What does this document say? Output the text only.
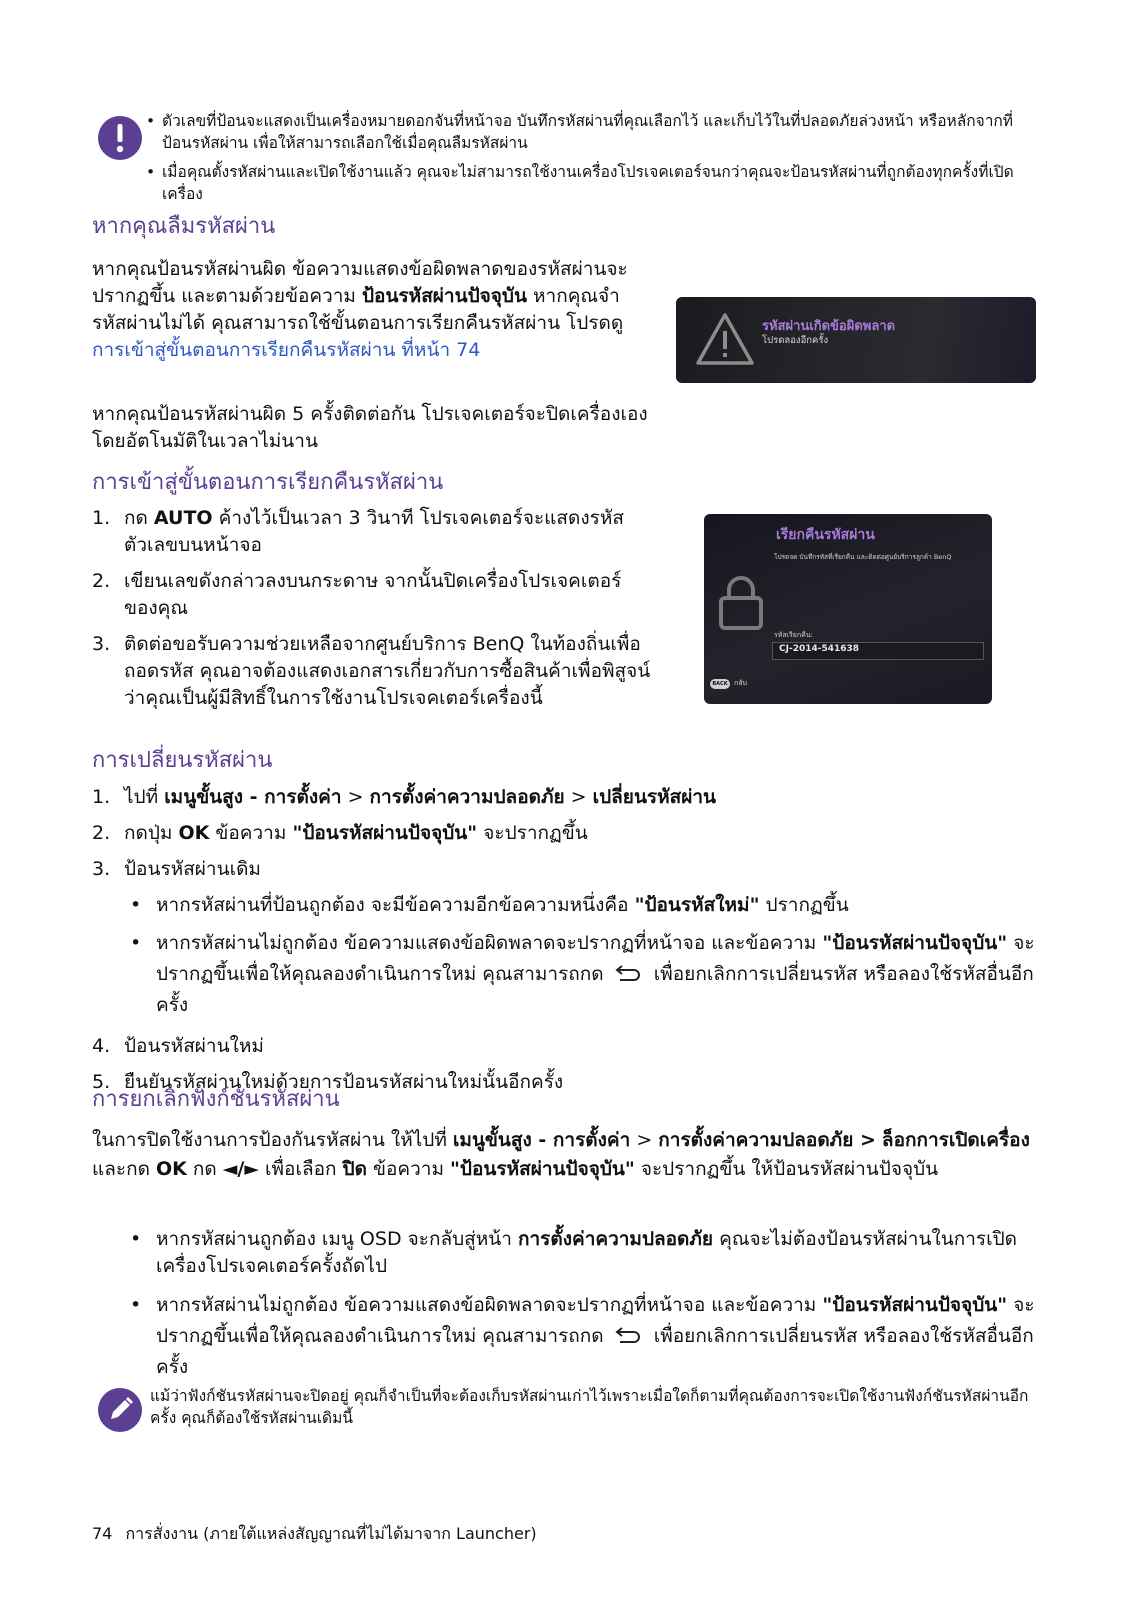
• ตัวเลขที่ป้อนจะแสดงเป็นเครื่องหมายดอกจันที่หน้าจอ บันทึกรหัสผ่านที่คุณเลือกไว้ และเก็บไว้ในที่ปลอดภัยล่วงหน้า หรือหลักจากที่ป้อนรหัสผ่าน เพื่อให้สามารถเลือกใช้เมื่อคุณลืมรหัสผ่าน
• เมื่อคุณตั้งรหัสผ่านและเปิดใช้งานแล้ว คุณจะไม่สามารถใช้งานเครื่องโปรเจคเตอร์จนกว่าคุณจะป้อนรหัสผ่านที่ถูกต้องทุกครั้งที่เปิดเครื่อง
หากคุณลืมรหัสผ่าน
หากคุณป้อนรหัสผ่านผิด ข้อความแสดงข้อผิดพลาดของรหัสผ่านจะปรากฏขึ้น และตามด้วยข้อความ ป้อนรหัสผ่านปัจจุบัน หากคุณจำรหัสผ่านไม่ได้ คุณสามารถใช้ขั้นตอนการเรียกคืนรหัสผ่าน โปรดดู การเข้าสู่ขั้นตอนการเรียกคืนรหัสผ่าน ที่หน้า 74
หากคุณป้อนรหัสผ่านผิด 5 ครั้งติดต่อกัน โปรเจคเตอร์จะปิดเครื่องเองโดยอัตโนมัติในเวลาไม่นาน
รหัสผ่านเกิดข้อผิดพลาด
โปรดลองอีกครั้ง
การเข้าสู่ขั้นตอนการเรียกคืนรหัสผ่าน
1. กด AUTO ค้างไว้เป็นเวลา 3 วินาที โปรเจคเตอร์จะแสดงรหัสตัวเลขบนหน้าจอ
2. เขียนเลขดังกล่าวลงบนกระดาษ จากนั้นปิดเครื่องโปรเจคเตอร์ของคุณ
3. ติดต่อขอรับความช่วยเหลือจากศูนย์บริการ BenQ ในท้องถิ่นเพื่อถอดรหัส คุณอาจต้องแสดงเอกสารเกี่ยวกับการซื้อสินค้าเพื่อพิสูจน์ว่าคุณเป็นผู้มีสิทธิ์ในการใช้งานโปรเจคเตอร์เครื่องนี้
เรียกคืนรหัสผ่าน
โปรดจด บันทึกรหัสที่เรียกคืน และติดต่อศูนย์บริการลูกค้า BenQ
รหัสเรียกคืน:
CJ-2014-541638
BACK กลับ
การเปลี่ยนรหัสผ่าน
1. ไปที่ เมนูขั้นสูง - การตั้งค่า > การตั้งค่าความปลอดภัย > เปลี่ยนรหัสผ่าน
2. กดปุ่ม OK ข้อความ "ป้อนรหัสผ่านปัจจุบัน" จะปรากฏขึ้น
3. ป้อนรหัสผ่านเดิม
• หากรหัสผ่านที่ป้อนถูกต้อง จะมีข้อความอีกข้อความหนึ่งคือ "ป้อนรหัสใหม่" ปรากฏขึ้น
• หากรหัสผ่านไม่ถูกต้อง ข้อความแสดงข้อผิดพลาดจะปรากฏที่หน้าจอ และข้อความ "ป้อนรหัสผ่านปัจจุบัน" จะปรากฏขึ้นเพื่อให้คุณลองดำเนินการใหม่ คุณสามารถกด	เพื่อยกเลิกการเปลี่ยนรหัส หรือลองใช้รหัสอื่นอีกครั้ง
4. ป้อนรหัสผ่านใหม่
5. ยืนยันรหัสผ่านใหม่ด้วยการป้อนรหัสผ่านใหม่นั้นอีกครั้ง
การยกเลิกฟังก์ชันรหัสผ่าน
ในการปิดใช้งานการป้องกันรหัสผ่าน ให้ไปที่ เมนูขั้นสูง - การตั้งค่า > การตั้งค่าความปลอดภัย > ล็อกการเปิดเครื่อง และกด OK กด ◄/► เพื่อเลือก ปิด ข้อความ "ป้อนรหัสผ่านปัจจุบัน" จะปรากฏขึ้น ให้ป้อนรหัสผ่านปัจจุบัน
• หากรหัสผ่านถูกต้อง เมนู OSD จะกลับสู่หน้า การตั้งค่าความปลอดภัย คุณจะไม่ต้องป้อนรหัสผ่านในการเปิดเครื่องโปรเจคเตอร์ครั้งถัดไป
• หากรหัสผ่านไม่ถูกต้อง ข้อความแสดงข้อผิดพลาดจะปรากฏที่หน้าจอ และข้อความ "ป้อนรหัสผ่านปัจจุบัน" จะปรากฏขึ้นเพื่อให้คุณลองดำเนินการใหม่ คุณสามารถกด	เพื่อยกเลิกการเปลี่ยนรหัส หรือลองใช้รหัสอื่นอีกครั้ง
แม้ว่าฟังก์ชันรหัสผ่านจะปิดอยู่ คุณก็จำเป็นที่จะต้องเก็บรหัสผ่านเก่าไว้เพราะเมื่อใดก็ตามที่คุณต้องการจะเปิดใช้งานฟังก์ชันรหัสผ่านอีกครั้ง คุณก็ต้องใช้รหัสผ่านเดิมนี้
74 การสั่งงาน (ภายใต้แหล่งสัญญาณที่ไม่ได้มาจาก Launcher)
